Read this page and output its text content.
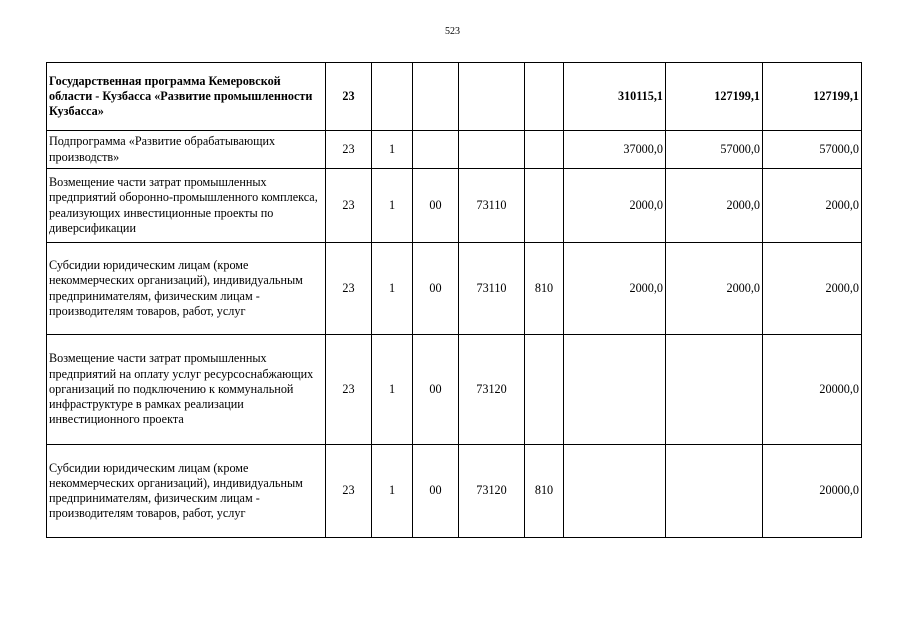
523
Государственная программа Кемеровской области - Кузбасса «Развитие промышленности Кузбасса»	23					310115,1	127199,1	127199,1
Подпрограмма «Развитие обрабатывающих производств»	23	1				37000,0	57000,0	57000,0
Возмещение части затрат промышленных предприятий оборонно-промышленного комплекса, реализующих инвестиционные проекты по диверсификации	23	1	00	73110		2000,0	2000,0	2000,0
Субсидии юридическим лицам (кроме некоммерческих организаций), индивидуальным предпринимателям, физическим лицам - производителям товаров, работ, услуг	23	1	00	73110	810	2000,0	2000,0	2000,0
Возмещение части затрат промышленных предприятий на оплату услуг ресурсоснабжающих организаций по подключению к коммунальной инфраструктуре в рамках реализации инвестиционного проекта	23	1	00	73120				20000,0
Субсидии юридическим лицам (кроме некоммерческих организаций), индивидуальным предпринимателям, физическим лицам - производителям товаров, работ, услуг	23	1	00	73120	810			20000,0
